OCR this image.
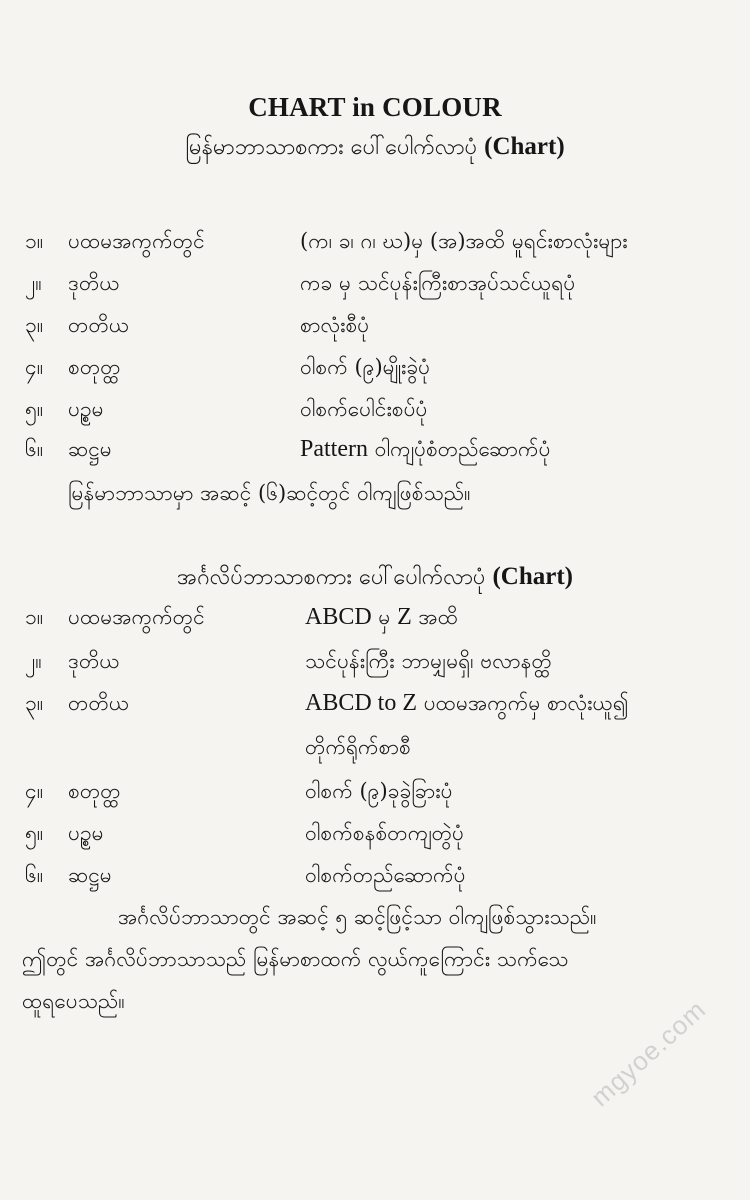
CHART in COLOUR
မြန်မာဘာသာစကား ပေါ်ပေါက်လာပုံ (Chart)
၁။ ပထမအကွက်တွင်	(က၊ ခ၊ ဂ၊ ဃ)မှ (အ)အထိ မူရင်းစာလုံးများ
၂။ ဒုတိယ	ကခ မှ သင်ပုန်းကြီးစာအုပ်သင်ယူရပုံ
၃။ တတိယ	စာလုံးစီပုံ
၄။ စတုတ္ထ	ဝါစက် (၉)မျိုးခွဲပုံ
၅။ ပဉ္စမ	ဝါစက်ပေါင်းစပ်ပုံ
၆။ ဆဋ္ဌမ	Pattern ဝါကျပုံစံတည်ဆောက်ပုံ
မြန်မာဘာသာမှာ အဆင့် (၆)ဆင့်တွင် ဝါကျဖြစ်သည်။
အင်္ဂလိပ်ဘာသာစကား ပေါ်ပေါက်လာပုံ (Chart)
၁။ ပထမအကွက်တွင်	ABCD မှ Z အထိ
၂။ ဒုတိယ	သင်ပုန်းကြီး ဘာမျှမရှိ၊ ဗလာနတ္ထိ
၃။ တတိယ	ABCD to Z ပထမအကွက်မှ စာလုံးယူ၍
တိုက်ရိုက်စာစီ
၄။ စတုတ္ထ	ဝါစက် (၉)ခုခွဲခြားပုံ
၅။ ပဉ္စမ	ဝါစက်စနစ်တကျတွဲပုံ
၆။ ဆဋ္ဌမ	ဝါစက်တည်ဆောက်ပုံ
အင်္ဂလိပ်ဘာသာတွင် အဆင့် ၅ ဆင့်ဖြင့်သာ ဝါကျဖြစ်သွားသည်။
ဤတွင် အင်္ဂလိပ်ဘာသာသည် မြန်မာစာထက် လွယ်ကူကြောင်း သက်သေ
ထူရပေသည်။	mgyoe.com
